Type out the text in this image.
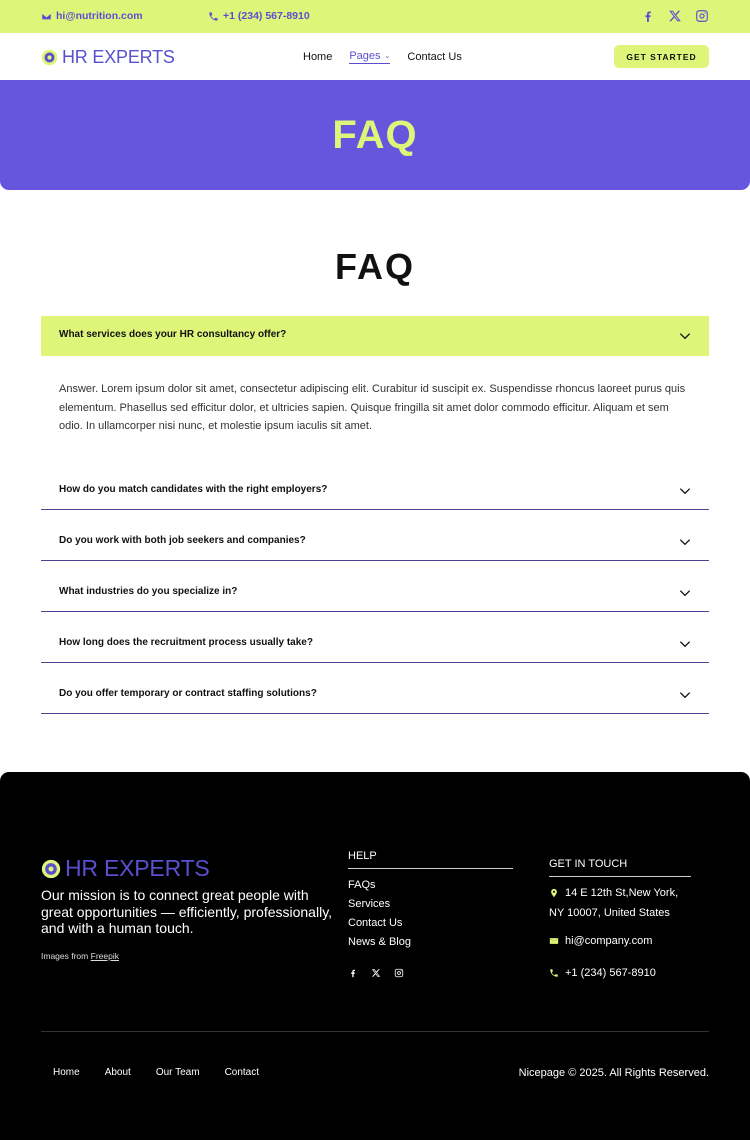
hi@nutrition.com	+1 (234) 567-8910
HR EXPERTS	Home Pages ⌄ Contact Us	GET STARTED
FAQ
FAQ
What services does your HR consultancy offer?

Answer. Lorem ipsum dolor sit amet, consectetur adipiscing elit. Curabitur id suscipit ex. Suspendisse rhoncus laoreet purus quis elementum. Phasellus sed efficitur dolor, et ultricies sapien. Quisque fringilla sit amet dolor commodo efficitur. Aliquam et sem odio. In ullamcorper nisi nunc, et molestie ipsum iaculis sit amet.

How do you match candidates with the right employers?
Do you work with both job seekers and companies?
What industries do you specialize in?
How long does the recruitment process usually take?
Do you offer temporary or contract staffing solutions?
HR EXPERTS

Our mission is to connect great people with great opportunities — efficiently, professionally, and with a human touch.

Images from Freepik
HELP
FAQs
Services
Contact Us
News & Blog
GET IN TOUCH
14 E 12th St,New York,
NY 10007, United States
hi@company.com
+1 (234) 567-8910
Home	About	Our Team	Contact	Nicepage © 2025. All Rights Reserved.
